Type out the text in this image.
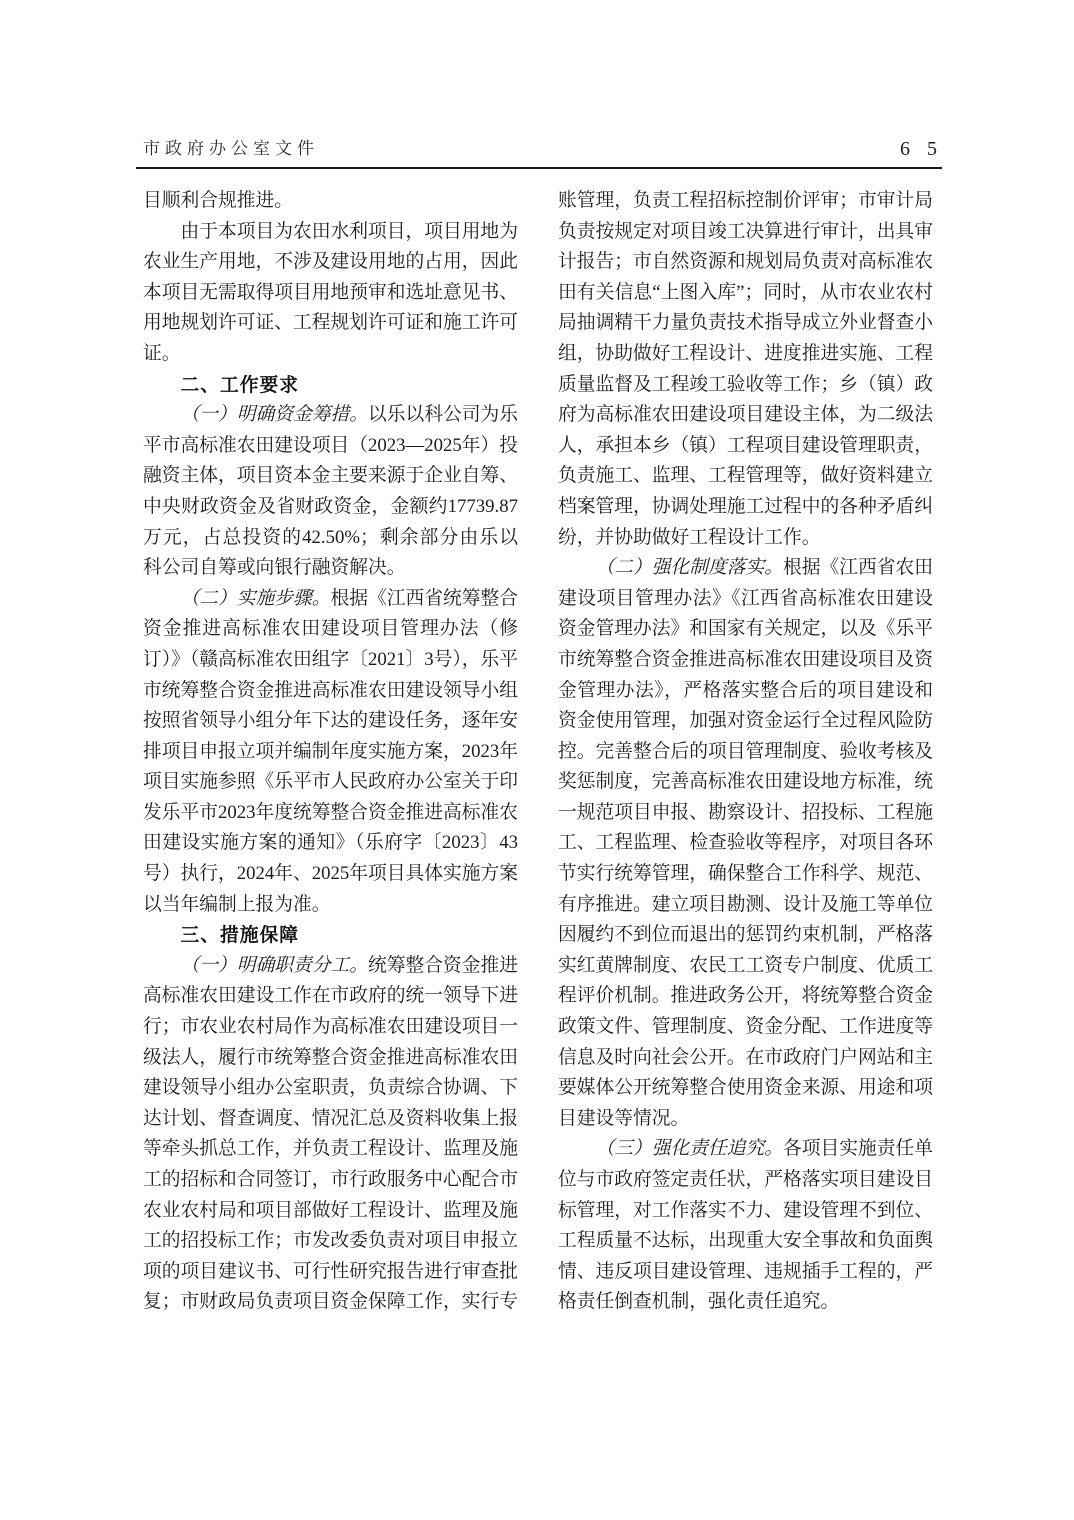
市政府办公室文件	6 5

目顺利合规推进。

由于本项目为农田水利项目，项目用地为农业生产用地，不涉及建设用地的占用，因此本项目无需取得项目用地预审和选址意见书、用地规划许可证、工程规划许可证和施工许可证。

二、工作要求

（一）明确资金筹措。以乐以科公司为乐平市高标准农田建设项目（2023—2025年）投融资主体，项目资本金主要来源于企业自筹、中央财政资金及省财政资金，金额约17739.87万元，占总投资的42.50%；剩余部分由乐以科公司自筹或向银行融资解决。

（二）实施步骤。根据《江西省统筹整合资金推进高标准农田建设项目管理办法（修订）》（赣高标准农田组字〔2021〕3号），乐平市统筹整合资金推进高标准农田建设领导小组按照省领导小组分年下达的建设任务，逐年安排项目申报立项并编制年度实施方案，2023年项目实施参照《乐平市人民政府办公室关于印发乐平市2023年度统筹整合资金推进高标准农田建设实施方案的通知》（乐府字〔2023〕43号）执行，2024年、2025年项目具体实施方案以当年编制上报为准。

三、措施保障

（一）明确职责分工。统筹整合资金推进高标准农田建设工作在市政府的统一领导下进行；市农业农村局作为高标准农田建设项目一级法人，履行市统筹整合资金推进高标准农田建设领导小组办公室职责，负责综合协调、下达计划、督查调度、情况汇总及资料收集上报等牵头抓总工作，并负责工程设计、监理及施工的招标和合同签订，市行政服务中心配合市农业农村局和项目部做好工程设计、监理及施工的招投标工作；市发改委负责对项目申报立项的项目建议书、可行性研究报告进行审查批复；市财政局负责项目资金保障工作，实行专

账管理，负责工程招标控制价评审；市审计局负责按规定对项目竣工决算进行审计，出具审计报告；市自然资源和规划局负责对高标准农田有关信息“上图入库”；同时，从市农业农村局抽调精干力量负责技术指导成立外业督查小组，协助做好工程设计、进度推进实施、工程质量监督及工程竣工验收等工作；乡（镇）政府为高标准农田建设项目建设主体，为二级法人，承担本乡（镇）工程项目建设管理职责，负责施工、监理、工程管理等，做好资料建立档案管理，协调处理施工过程中的各种矛盾纠纷，并协助做好工程设计工作。

（二）强化制度落实。根据《江西省农田建设项目管理办法》《江西省高标准农田建设资金管理办法》和国家有关规定，以及《乐平市统筹整合资金推进高标准农田建设项目及资金管理办法》，严格落实整合后的项目建设和资金使用管理，加强对资金运行全过程风险防控。完善整合后的项目管理制度、验收考核及奖惩制度，完善高标准农田建设地方标准，统一规范项目申报、勘察设计、招投标、工程施工、工程监理、检查验收等程序，对项目各环节实行统筹管理，确保整合工作科学、规范、有序推进。建立项目勘测、设计及施工等单位因履约不到位而退出的惩罚约束机制，严格落实红黄牌制度、农民工工资专户制度、优质工程评价机制。推进政务公开，将统筹整合资金政策文件、管理制度、资金分配、工作进度等信息及时向社会公开。在市政府门户网站和主要媒体公开统筹整合使用资金来源、用途和项目建设等情况。

（三）强化责任追究。各项目实施责任单位与市政府签定责任状，严格落实项目建设目标管理，对工作落实不力、建设管理不到位、工程质量不达标，出现重大安全事故和负面舆情、违反项目建设管理、违规插手工程的，严格责任倒查机制，强化责任追究。
